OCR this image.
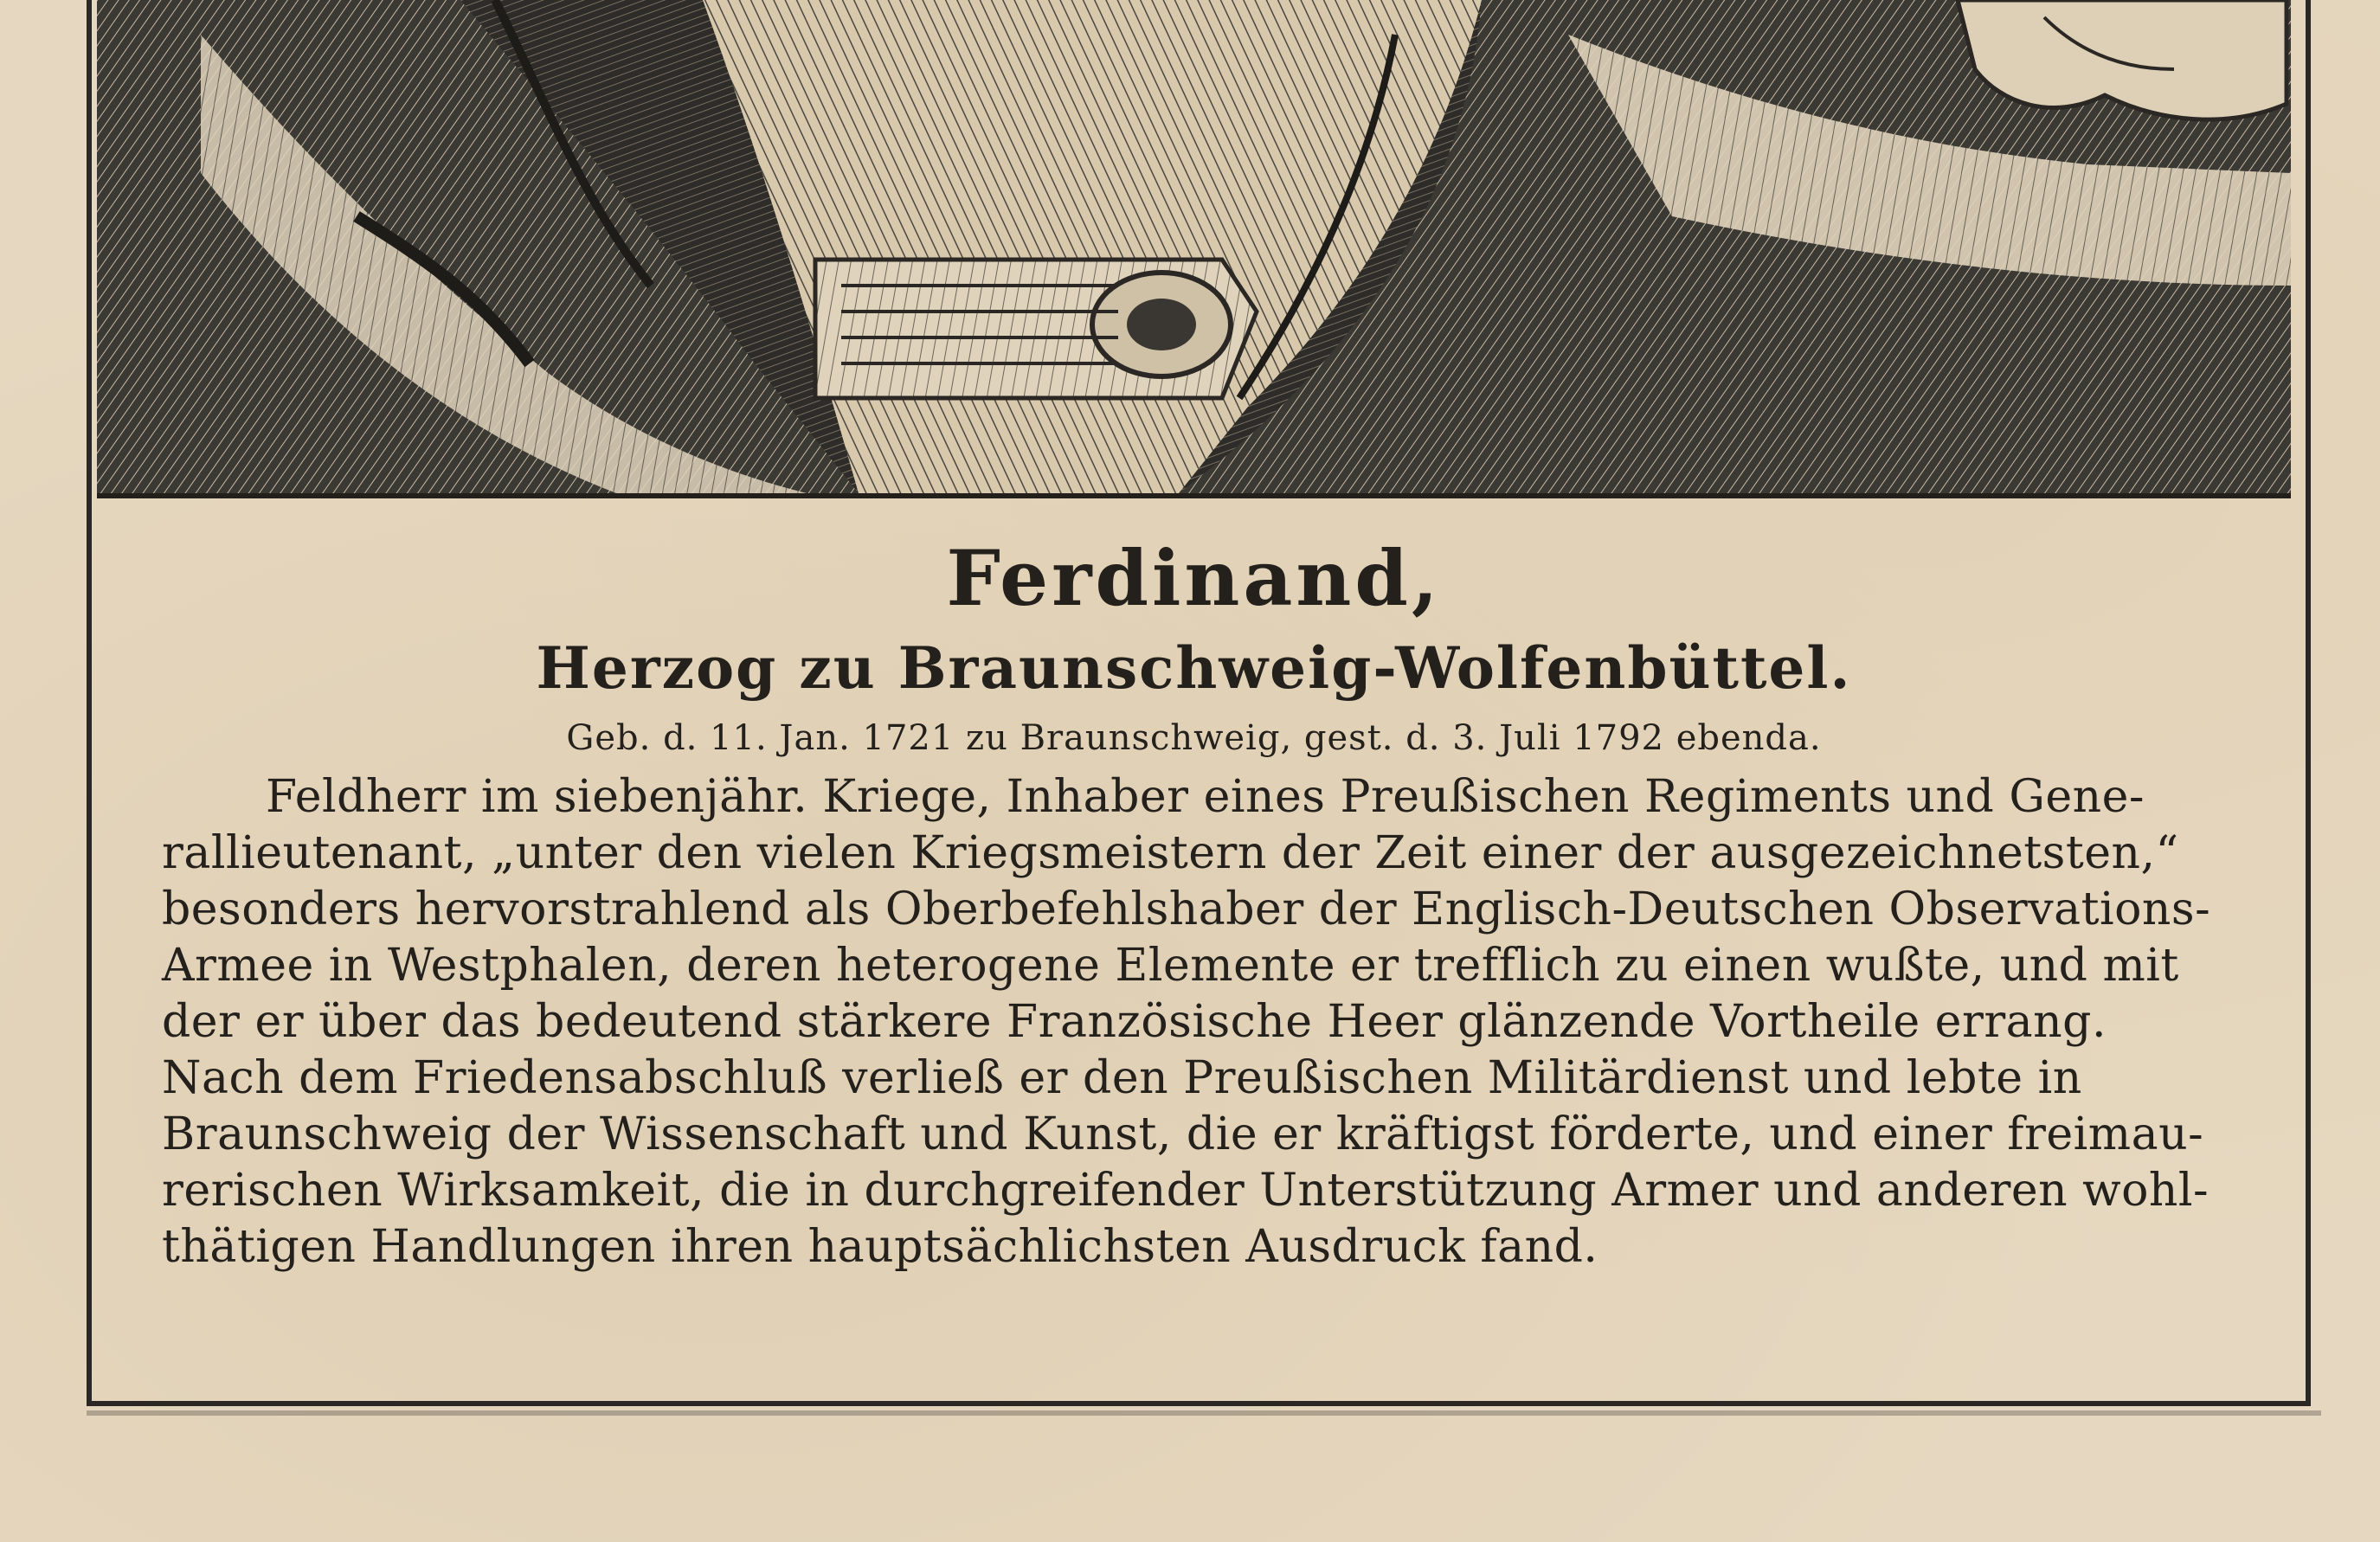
Ferdinand,
Herzog zu Braunschweig-Wolfenbüttel.

Geb. d. 11. Jan. 1721 zu Braunschweig, gest. d. 3. Juli 1792 ebenda.

Feldherr im siebenjähr. Kriege, Inhaber eines Preußischen Regiments und Gene-
rallieutenant, „unter den vielen Kriegsmeistern der Zeit einer der ausgezeichnetsten,“
besonders hervorstrahlend als Oberbefehlshaber der Englisch-Deutschen Observations-
Armee in Westphalen, deren heterogene Elemente er trefflich zu einen wußte, und mit
der er über das bedeutend stärkere Französische Heer glänzende Vortheile errang.
Nach dem Friedensabschluß verließ er den Preußischen Militärdienst und lebte in
Braunschweig der Wissenschaft und Kunst, die er kräftigst förderte, und einer freimau-
rerischen Wirksamkeit, die in durchgreifender Unterstützung Armer und anderen wohl-
thätigen Handlungen ihren hauptsächlichsten Ausdruck fand.
